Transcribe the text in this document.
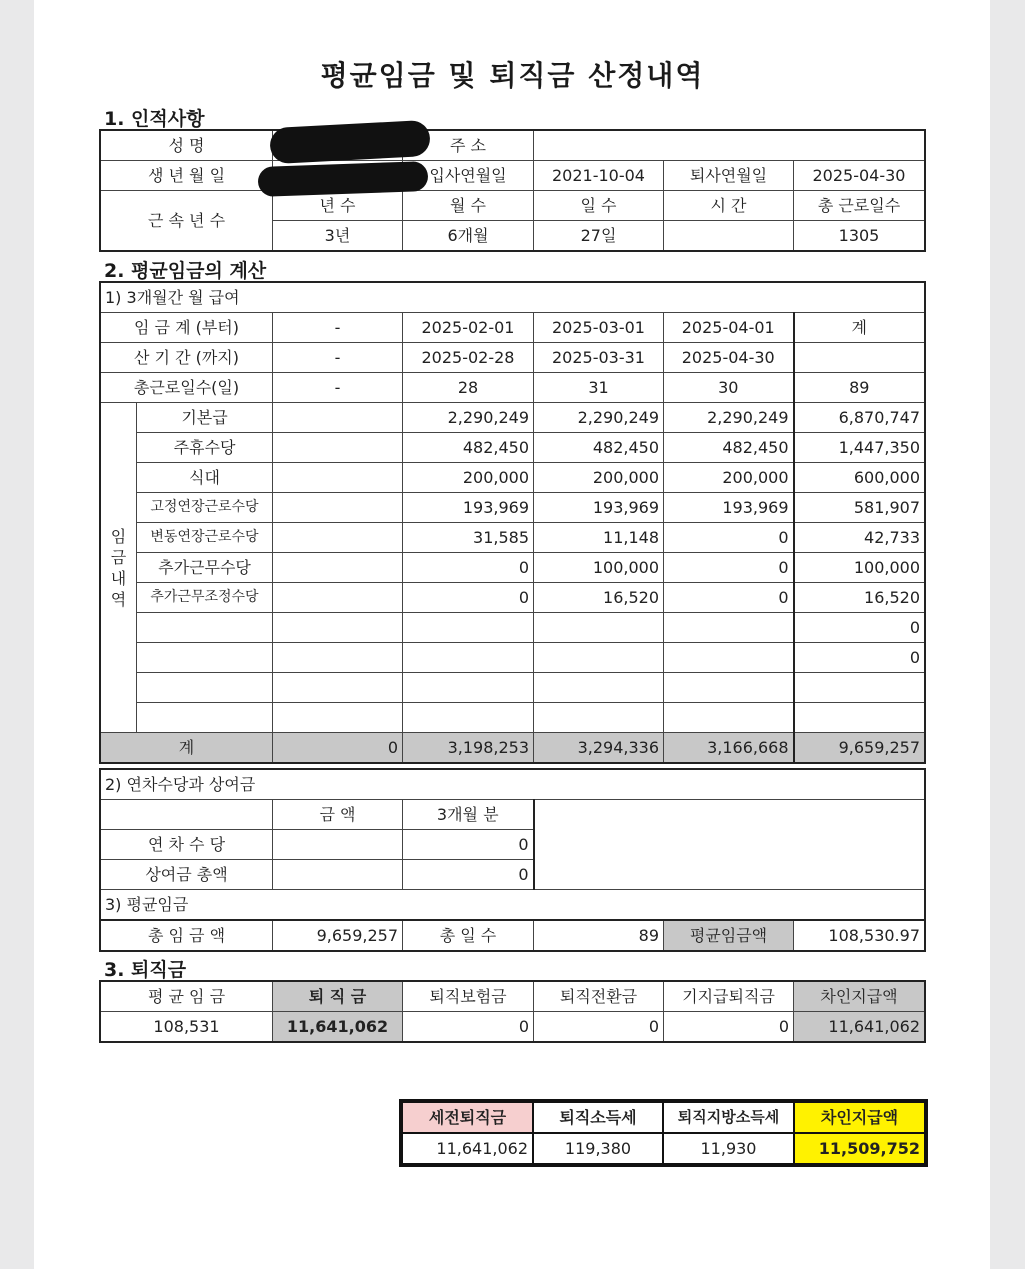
평균임금 및 퇴직금 산정내역
1. 인적사항
성 명		주 소			
생 년 월 일		입사연월일	2021-10-04	퇴사연월일	2025-04-30
근 속 년 수	년 수	월 수	일 수	시 간	총 근로일수
	3년	6개월	27일		1305
2. 평균임금의 계산
1) 3개월간 월 급여						
임 금 계 (부터)		-	2025-02-01	2025-03-01	2025-04-01	계
산 기 간 (까지)		-	2025-02-28	2025-03-31	2025-04-30	
총근로일수(일)		-	28	31	30	89
임
금
내
역	기본급		2,290,249	2,290,249	2,290,249	6,870,747
	주휴수당		482,450	482,450	482,450	1,447,350
	식대		200,000	200,000	200,000	600,000
	고정연장근로수당		193,969	193,969	193,969	581,907
	변동연장근로수당		31,585	11,148	0	42,733
	추가근무수당		0	100,000	0	100,000
	추가근무조정수당		0	16,520	0	16,520
						0
						0

계		0	3,198,253	3,294,336	3,166,668	9,659,257
2) 연차수당과 상여금			
	금 액	3개월 분	
연 차 수 당		0	
상여금 총액		0	
3) 평균임금			
총 임 금 액	9,659,257	총 일 수	89	평균임금액	108,530.97
3. 퇴직금
평 균 임 금	퇴 직 금	퇴직보험금	퇴직전환금	기지급퇴직금	차인지급액
108,531	11,641,062	0	0	0	11,641,062
세전퇴직금	퇴직소득세	퇴직지방소득세	차인지급액
11,641,062	119,380	11,930	11,509,752
